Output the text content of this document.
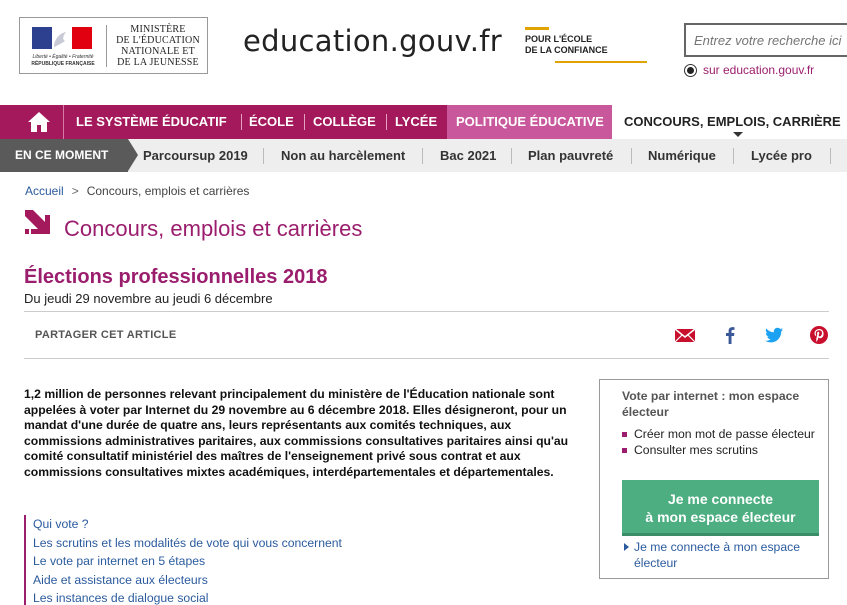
Liberté • Égalité • Fraternité
RÉPUBLIQUE FRANÇAISE
MINISTÈRE
DE L'ÉDUCATION
NATIONALE ET
DE LA JEUNESSE
education.gouv.fr	POUR L'ÉCOLE
DE LA CONFIANCE
Entrez votre recherche ici
sur education.gouv.fr
LE SYSTÈME ÉDUCATIF ÉCOLE COLLÈGE LYCÉE POLITIQUE ÉDUCATIVE CONCOURS, EMPLOIS, CARRIÈRE
EN CE MOMENT	Parcoursup 2019	Non au harcèlement	Bac 2021 Plan pauvreté	Numérique	Lycée pro
Accueil > Concours, emplois et carrières
Concours, emplois et carrières
Élections professionnelles 2018
Du jeudi 29 novembre au jeudi 6 décembre
PARTAGER CET ARTICLE
1,2 million de personnes relevant principalement du ministère de l'Éducation nationale sont appelées à voter par Internet du 29 novembre au 6 décembre 2018. Elles désigneront, pour un mandat d'une durée de quatre ans, leurs représentants aux comités techniques, aux commissions administratives paritaires, aux commissions consultatives paritaires ainsi qu'au comité consultatif ministériel des maîtres de l'enseignement privé sous contrat et aux commissions consultatives mixtes académiques, interdépartementales et départementales.
Qui vote ?
Les scrutins et les modalités de vote qui vous concernent
Le vote par internet en 5 étapes
Aide et assistance aux électeurs
Les instances de dialogue social
Vote par internet : mon espace électeur
Créer mon mot de passe électeur
Consulter mes scrutins
Je me connecte
à mon espace électeur
Je me connecte à mon espace électeur
